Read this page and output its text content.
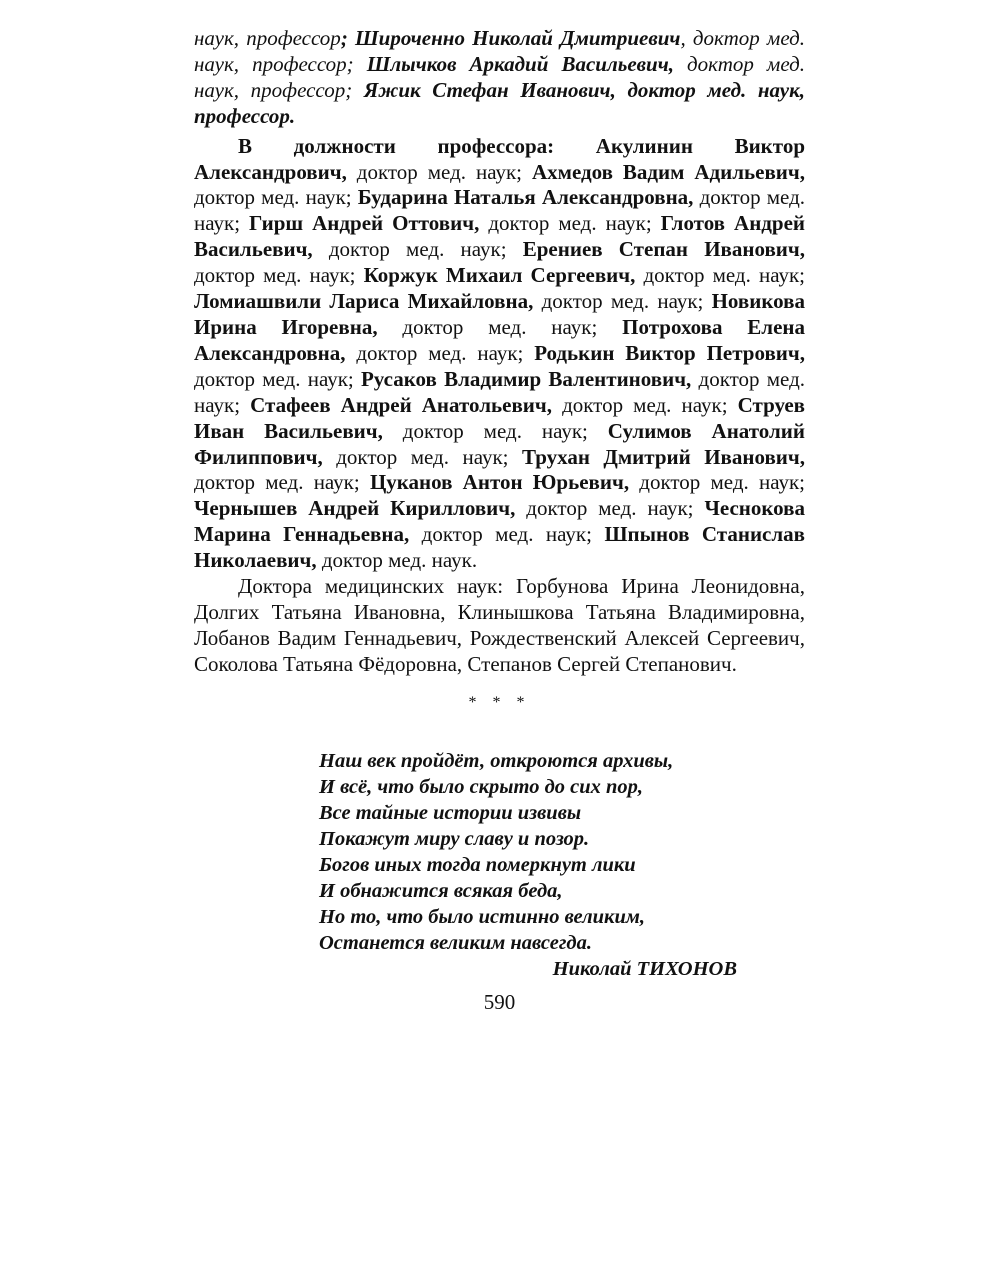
наук, профессор; Широченно Николай Дмитриевич, доктор мед. наук, профессор; Шлычков Аркадий Васильевич, доктор мед. наук, профессор; Яжик Стефан Иванович, доктор мед. наук, профессор.

В должности профессора: Акулинин Виктор Александрович, доктор мед. наук; Ахмедов Вадим Адильевич, доктор мед. наук; Бударина Наталья Александровна, доктор мед. наук; Гирш Андрей Оттович, доктор мед. наук; Глотов Андрей Васильевич, доктор мед. наук; Ерениев Степан Иванович, доктор мед. наук; Коржук Михаил Сергеевич, доктор мед. наук; Ломиашвили Лариса Михайловна, доктор мед. наук; Новикова Ирина Игоревна, доктор мед. наук; Потрохова Елена Александровна, доктор мед. наук; Родькин Виктор Петрович, доктор мед. наук; Русаков Владимир Валентинович, доктор мед. наук; Стафеев Андрей Анатольевич, доктор мед. наук; Струев Иван Васильевич, доктор мед. наук; Сулимов Анатолий Филиппович, доктор мед. наук; Трухан Дмитрий Иванович, доктор мед. наук; Цуканов Антон Юрьевич, доктор мед. наук; Чернышев Андрей Кириллович, доктор мед. наук; Чеснокова Марина Геннадьевна, доктор мед. наук; Шпынов Станислав Николаевич, доктор мед. наук.

Доктора медицинских наук: Горбунова Ирина Леонидовна, Долгих Татьяна Ивановна, Клинышкова Татьяна Владимировна, Лобанов Вадим Геннадьевич, Рождественский Алексей Сергеевич, Соколова Татьяна Фёдоровна, Степанов Сергей Степанович.

* * *
Наш век пройдёт, откроются архивы,
И всё, что было скрыто до сих пор,
Все тайные истории извивы
Покажут миру славу и позор.
Богов иных тогда померкнут лики
И обнажится всякая беда,
Но то, что было истинно великим,
Останется великим навсегда.
Николай ТИХОНОВ
590
